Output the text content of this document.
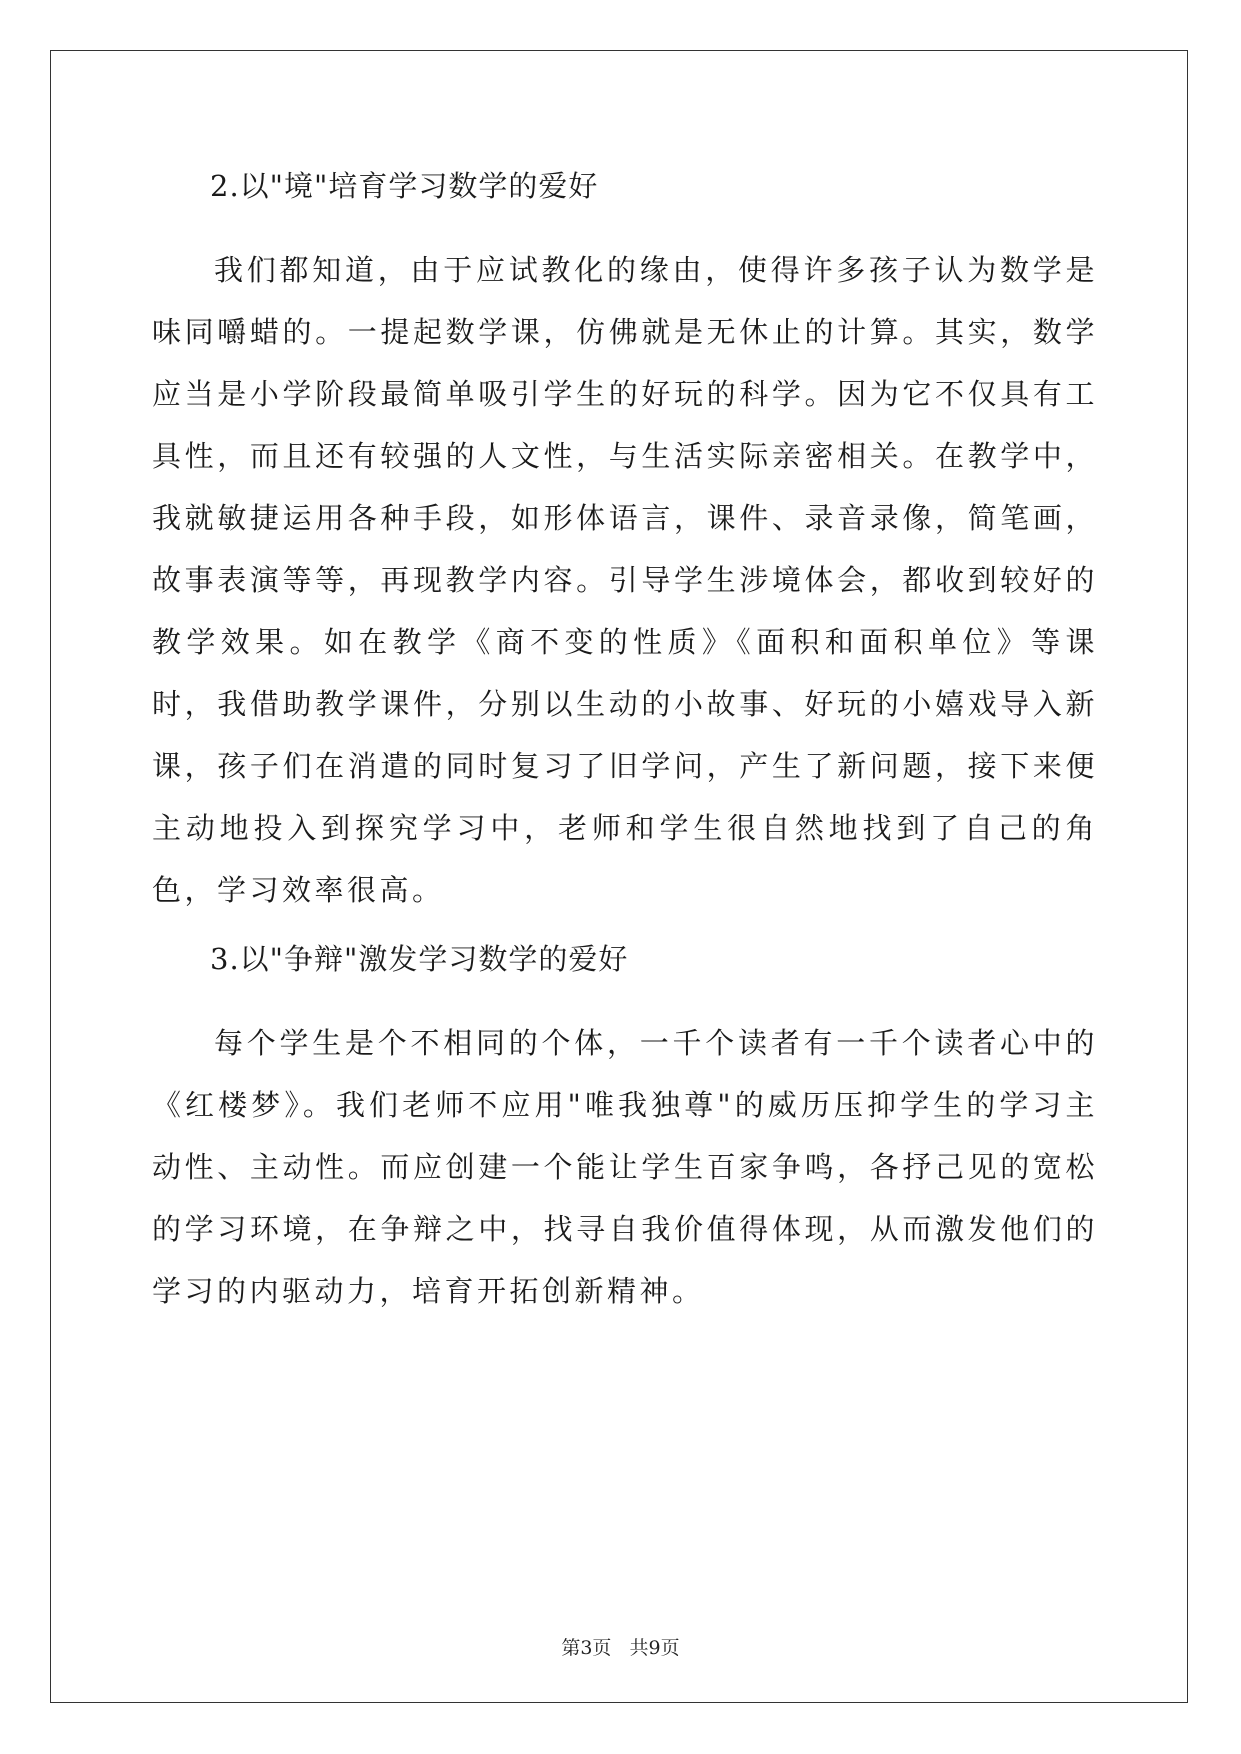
2.以"境"培育学习数学的爱好

我们都知道，由于应试教化的缘由，使得许多孩子认为数学是味同嚼蜡的。一提起数学课，仿佛就是无休止的计算。其实，数学应当是小学阶段最简单吸引学生的好玩的科学。因为它不仅具有工具性，而且还有较强的人文性，与生活实际亲密相关。在教学中，我就敏捷运用各种手段，如形体语言，课件、录音录像，简笔画，故事表演等等，再现教学内容。引导学生涉境体会，都收到较好的教学效果。如在教学《商不变的性质》《面积和面积单位》等课时，我借助教学课件，分别以生动的小故事、好玩的小嬉戏导入新课，孩子们在消遣的同时复习了旧学问，产生了新问题，接下来便主动地投入到探究学习中，老师和学生很自然地找到了自己的角色，学习效率很高。

3.以"争辩"激发学习数学的爱好

每个学生是个不相同的个体，一千个读者有一千个读者心中的《红楼梦》。我们老师不应用"唯我独尊"的威历压抑学生的学习主动性、主动性。而应创建一个能让学生百家争鸣，各抒己见的宽松的学习环境，在争辩之中，找寻自我价值得体现，从而激发他们的学习的内驱动力，培育开拓创新精神。

第3页   共9页
